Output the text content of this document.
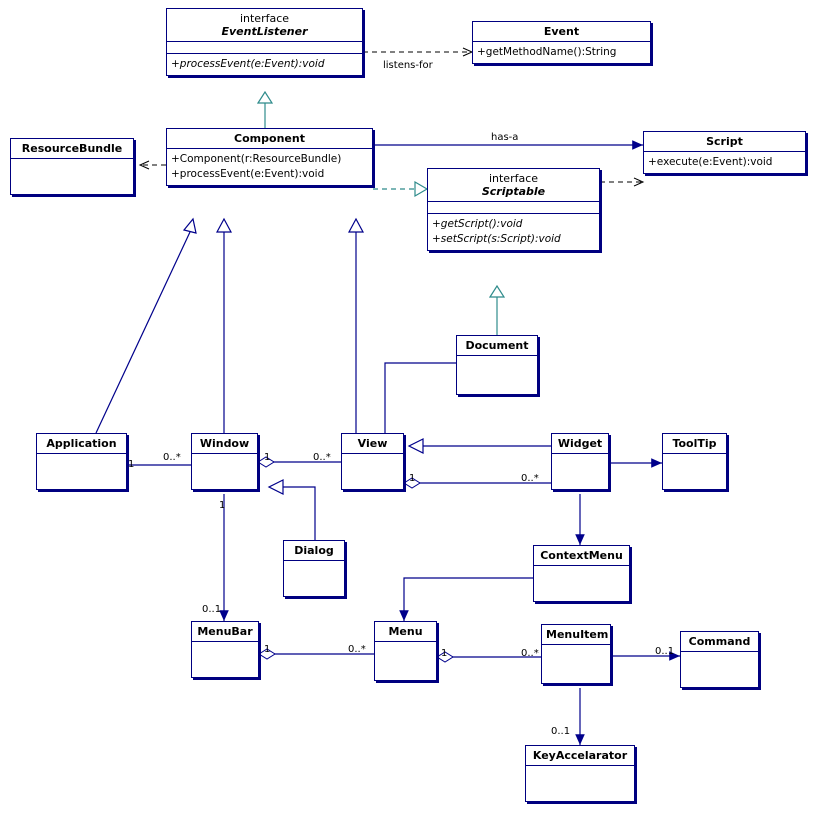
interface
EventListener
+processEvent(e:Event):void
Event
+getMethodName():String
ResourceBundle
Component
+Component(r:ResourceBundle)
+processEvent(e:Event):void
Script
+execute(e:Event):void
interface
Scriptable
+getScript():void
+setScript(s:Script):void
Document
Application	Window	View	Widget	ToolTip
Dialog	ContextMenu
MenuBar	Menu	MenuItem
Command
KeyAccelarator
listens-for
has-a
1
0..*	1	0..*
1	0..*
1
0..1
1	0..*	1	0..*	0..1
0..1
